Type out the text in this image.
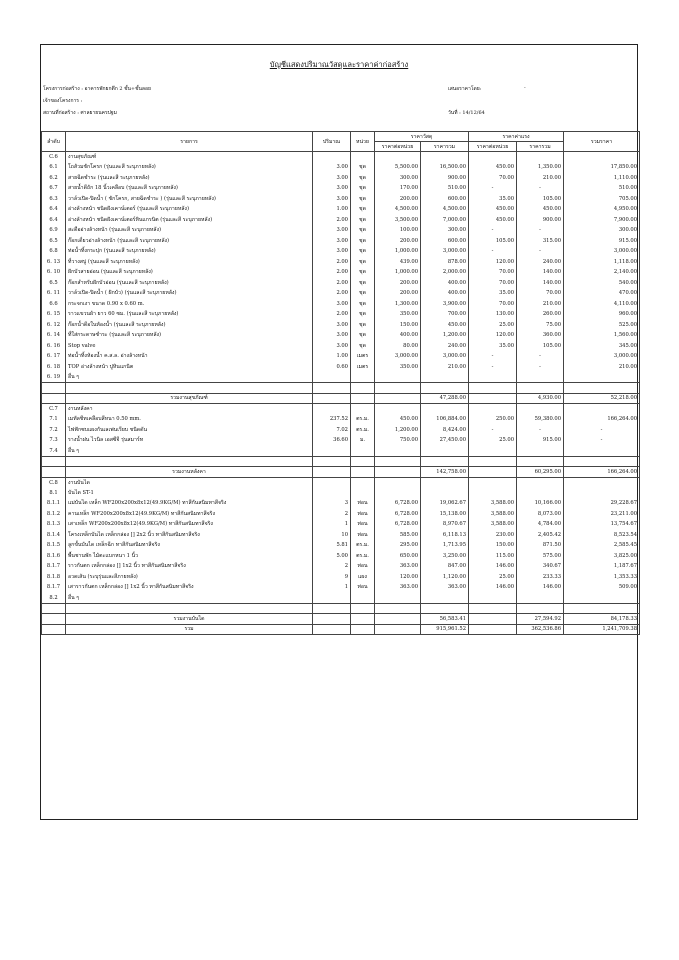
บัญชีแสดงปริมาณวัสดุและราคาค่าก่อสร้าง
โครงการก่อสร้าง : อาคารพักยกตึก 2 ชั้น+ชั้นลอย
เจ้าของโครงการ :
สถานที่ก่อสร้าง : ศาลยายนครปฐม
เสนอราคาโดย:	-
วันที่ : 14/12/64
ลำดับ	รายการ	ปริมาณ	หน่วย	ราคาวัสดุ		ราคาค่าแรง		รวมราคา
				ราคาต่อหน่วย	ราคารวม	ราคาต่อหน่วย	ราคารวม	
C.6	งานสุขภัณฑ์							
6.1	โถส้วมชักโครก (รุ่นและสี ระบุภายหลัง)	3.00	ชุด	5,500.00	16,500.00	450.00	1,350.00	17,850.00
6.2	สายฉีดชำระ (รุ่นและสี ระบุภายหลัง)	3.00	ชุด	300.00	900.00	70.00	210.00	1,110.00
6.7	สายน้ำดีถัก 18 นิ้วเคลือบ (รุ่นและสี ระบุภายหลัง)	3.00	ชุด	170.00	510.00	-	-	510.00
6.3	วาล์วเปิด-ปิดน้ำ ( ชักโครก, สายฉีดชำระ ) (รุ่นและสี ระบุภายหลัง)	3.00	ชุด	200.00	600.00	35.00	105.00	705.00
6.4	อ่างล้างหน้า ชนิดฝังเคาน์เตอร์ (รุ่นและสี ระบุภายหลัง)	1.00	ชุด	4,500.00	4,500.00	450.00	450.00	4,950.00
6.4	อ่างล้างหน้า ชนิดฝังเคาน์เตอร์หินแกรนิต (รุ่นและสี ระบุภายหลัง)	2.00	ชุด	3,500.00	7,000.00	450.00	900.00	7,900.00
6.9	สะดืออ่างล้างหน้า (รุ่นและสี ระบุภายหลัง)	3.00	ชุด	100.00	300.00	-	-	300.00
6.5	ก๊อกเดี่ยวอ่างล้างหน้า (รุ่นและสี ระบุภายหลัง)	3.00	ชุด	200.00	600.00	105.00	315.00	915.00
6.8	ท่อน้ำทิ้งกระปุก (รุ่นและสี ระบุภายหลัง)	3.00	ชุด	1,000.00	3,000.00	-	-	3,000.00
6. 13	ที่วางสบู่ (รุ่นและสี ระบุภายหลัง)	2.00	ชุด	439.00	878.00	120.00	240.00	1,118.00
6. 10	ฝักบัวสายอ่อน (รุ่นและสี ระบุภายหลัง)	2.00	ชุด	1,000.00	2,000.00	70.00	140.00	2,140.00
6.5	ก๊อกสำหรับฝักบัวอ่อน (รุ่นและสี ระบุภายหลัง)	2.00	ชุด	200.00	400.00	70.00	140.00	540.00
6. 11	วาล์วเปิด-ปิดน้ำ ( ฝักบัว) (รุ่นและสี ระบุภายหลัง)	2.00	ชุด	200.00	400.00	35.00	70.00	470.00
6.6	กระจกเงา ขนาด 0.90 x 0.60 m.	3.00	ชุด	1,300.00	3,900.00	70.00	210.00	4,110.00
6. 15	ราวแขวนผ้า ยาว 60 ซม. (รุ่นและสี ระบุภายหลัง)	2.00	ชุด	350.00	700.00	130.00	260.00	960.00
6. 12	ก๊อกน้ำดีอในห้องน้ำ (รุ่นและสี ระบุภายหลัง)	3.00	ชุด	150.00	450.00	25.00	75.00	525.00
6. 14	ที่ใส่กระดาษชำระ (รุ่นและสี ระบุภายหลัง)	3.00	ชุด	400.00	1,200.00	120.00	360.00	1,560.00
6. 16	Stop valve	3.00	ชุด	80.00	240.00	35.00	105.00	345.00
6. 17	ท่อน้ำทิ้งห้องน้ำ ค.ส.ล. อ่างล้างหน้า	1.00	เมตร	3,000.00	3,000.00	-	-	3,000.00
6. 18	TOP อ่างล้างหน้า ปูหินแกนิต	0.60	เมตร	350.00	210.00	-	-	210.00
6. 19	อื่น ๆ							

	รวมงานสุขภัณฑ์				47,288.00		4,930.00	52,218.00
C.7	งานหลังคา							
7.1	เมทัลชีทเคลือบสีหนา 0.50 mm.	237.52	ตร.ม.	450.00	106,884.00	250.00	59,380.00	166,264.00
7.2	ไฟฟักซบแผงกันเลเพ่นเรียบ ชนิดดัน	7.02	ตร.ม.	1,200.00	8,424.00	-	-	-
7.3	รางน้ำฝน ไวนิล เอสซีจี รุ่นสมาร์ท	36.60	ม.	750.00	27,450.00	25.00	915.00	-
7.4	อื่น ๆ							

	รวมงานหลังคา				142,758.00		60,295.00	166,264.00
C.8	งานบันได							
8.1	บันได ST-1							
8.1.1	แม่บันได เหล็ก WF200x200x8x12(49.9KG/M) ทาสีกันสนิมทาสีจริง	3	ท่อน	6,728.00	19,062.67	3,588.00	10,166.00	29,228.67
8.1.2	คานเหล็ก WF200x200x8x12(49.9KG/M) ทาสีกันสนิมทาสีจริง	2	ท่อน	6,728.00	15,138.00	3,588.00	8,073.00	23,211.00
8.1.3	เสาเหล็ก WF200x200x8x12(49.9KG/M) ทาสีกันสนิมทาสีจริง	1	ท่อน	6,728.00	8,970.67	3,588.00	4,784.00	13,754.67
8.1.4	โครงเหล็กบันได เหล็กกล่อง [] 2x2 นิ้ว ทาสีกันสนิมทาสีจริง	10	ท่อน	585.00	6,118.13	230.00	2,405.42	8,523.54
8.1.5	ลูกขั้นบันได เหล็กฉีก ทาสีกันสนิมทาสีจริง	5.81	ตร.ม.	295.00	1,713.95	150.00	871.50	2,585.45
8.1.6	พื้นชานพัก ไม้ตะแบกหนา 1 นิ้ว	5.00	ตร.ม.	650.00	3,250.00	115.00	575.00	3,825.00
8.1.7	ราวกันตก เหล็กกล่อง [] 1x2 นิ้ว ทาสีกันสนิมทาสีจริง	2	ท่อน	363.00	847.00	146.00	340.67	1,187.67
8.1.8	อวดเส้น (ระบุรุ่นและสีภายหลัง)	9	แผง	120.00	1,120.00	25.00	233.33	1,353.33
8.1.7	เสาราวกันตก เหล็กกล่อง [] 1x2 นิ้ว ทาสีกันสนิมทาสีจริง	1	ท่อน	363.00	363.00	146.00	146.00	509.00
8.2	อื่น ๆ							

	รวมงานบันได				56,583.41		27,594.92	84,178.33
	รวม				915,961.52		362,536.86	1,241,709.38
